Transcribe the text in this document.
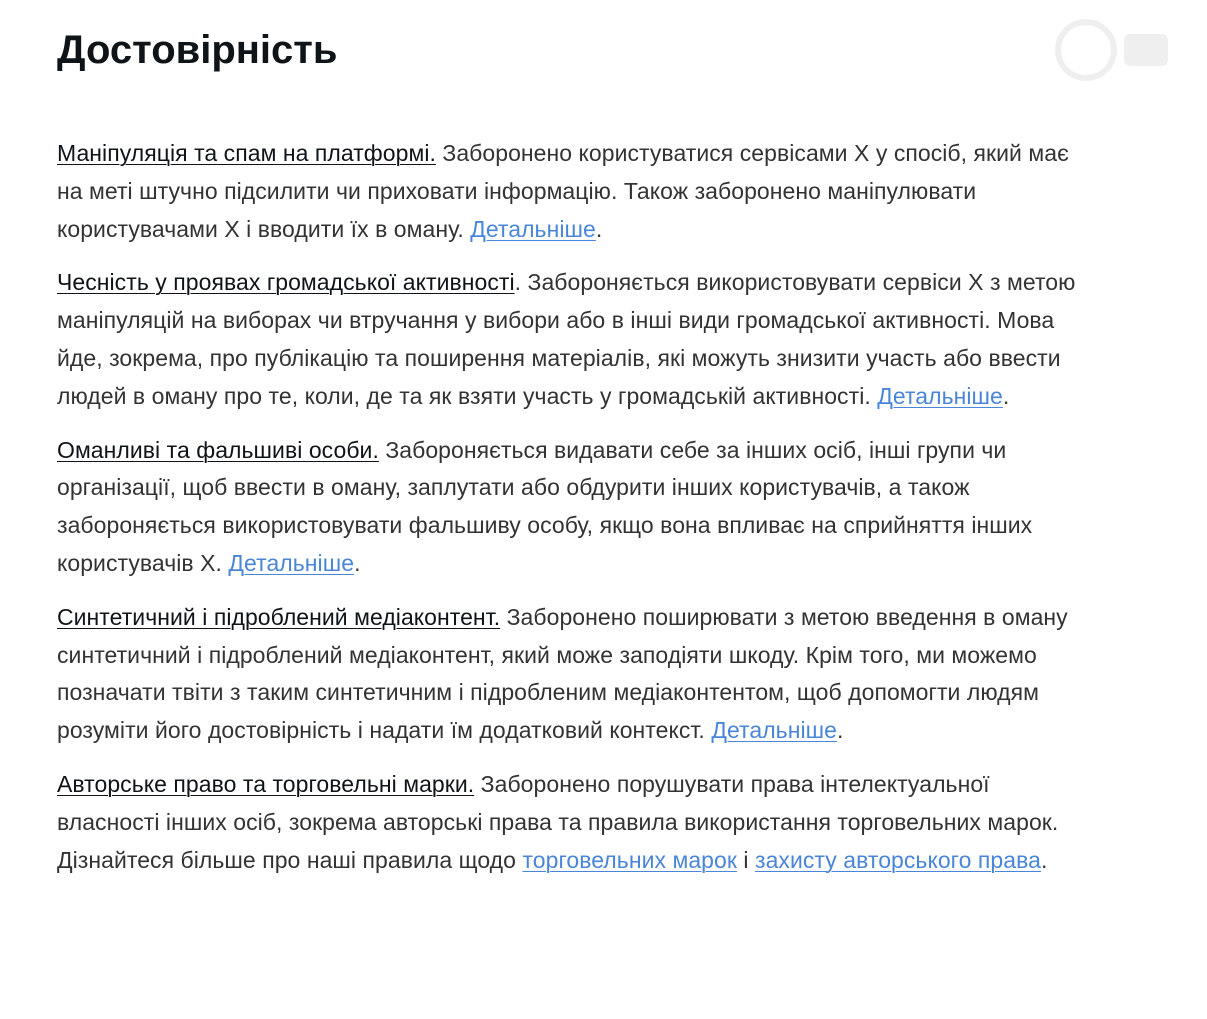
Достовірність

Маніпуляція та спам на платформі. Заборонено користуватися сервісами X у спосіб, який має на меті штучно підсилити чи приховати інформацію. Також заборонено маніпулювати користувачами X і вводити їх в оману. Детальніше.

Чесність у проявах громадської активності. Забороняється використовувати сервіси X з метою маніпуляцій на виборах чи втручання у вибори або в інші види громадської активності. Мова йде, зокрема, про публікацію та поширення матеріалів, які можуть знизити участь або ввести людей в оману про те, коли, де та як взяти участь у громадській активності. Детальніше.

Оманливі та фальшиві особи. Забороняється видавати себе за інших осіб, інші групи чи організації, щоб ввести в оману, заплутати або обдурити інших користувачів, а також забороняється використовувати фальшиву особу, якщо вона впливає на сприйняття інших користувачів X. Детальніше.

Синтетичний і підроблений медіаконтент. Заборонено поширювати з метою введення в оману синтетичний і підроблений медіаконтент, який може заподіяти шкоду. Крім того, ми можемо позначати твіти з таким синтетичним і підробленим медіаконтентом, щоб допомогти людям розуміти його достовірність і надати їм додатковий контекст. Детальніше.

Авторське право та торговельні марки. Заборонено порушувати права інтелектуальної власності інших осіб, зокрема авторські права та правила використання торговельних марок. Дізнайтеся більше про наші правила щодо торговельних марок і захисту авторського права.
